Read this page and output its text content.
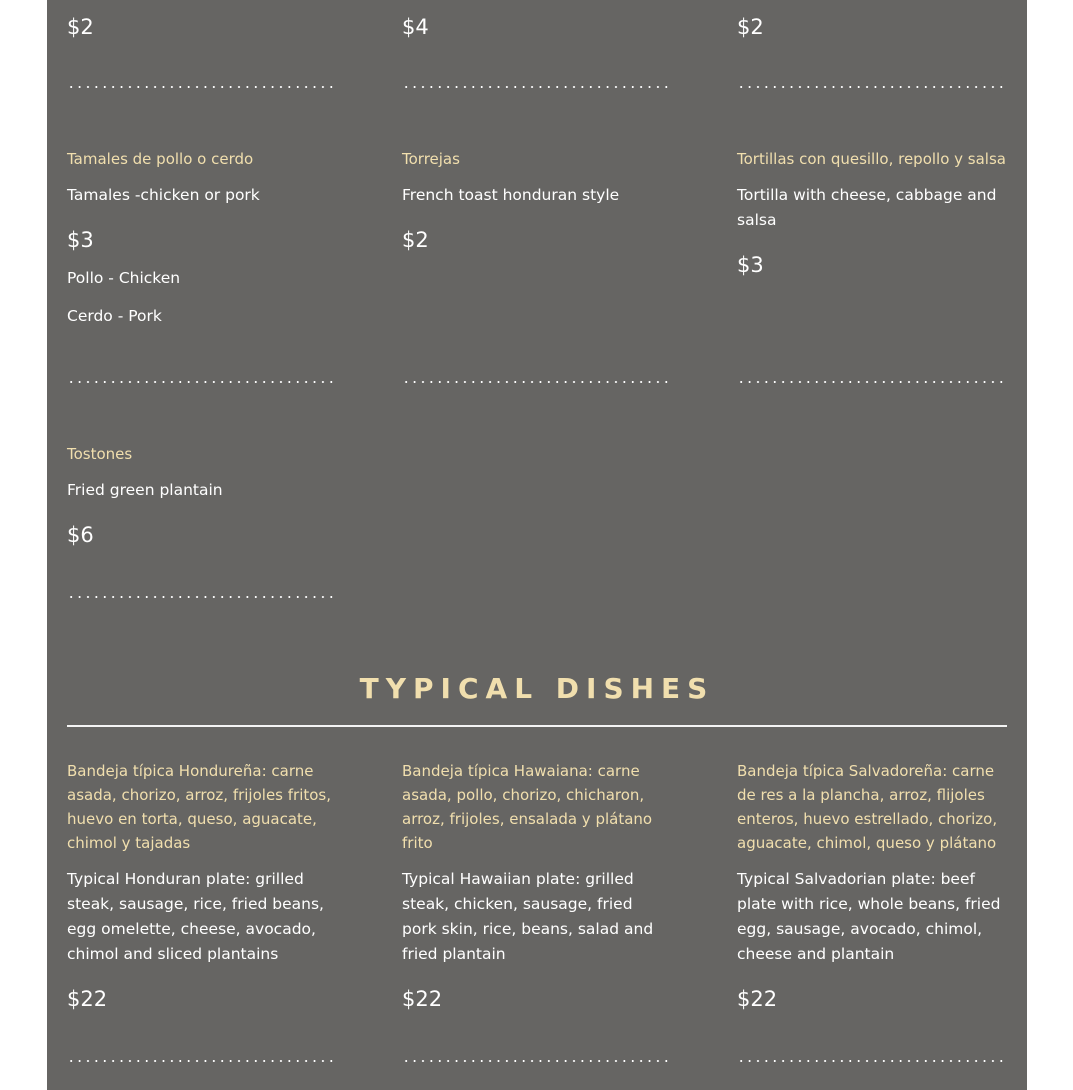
$2	$4	$2

Tamales de pollo o cerdo

Tamales -chicken or pork

$3

Pollo - Chicken

Cerdo - Pork

Torrejas

French toast honduran style

$2

Tortillas con quesillo, repollo y salsa

Tortilla with cheese, cabbage and salsa

$3

Tostones

Fried green plantain

$6

TYPICAL DISHES

Bandeja típica Hondureña: carne asada, chorizo, arroz, frijoles fritos, huevo en torta, queso, aguacate, chimol y tajadas

Typical Honduran plate: grilled steak, sausage, rice, fried beans, egg omelette, cheese, avocado, chimol and sliced plantains

$22

Bandeja típica Hawaiana: carne asada, pollo, chorizo, chicharon, arroz, frijoles, ensalada y plátano frito

Typical Hawaiian plate: grilled steak, chicken, sausage, fried pork skin, rice, beans, salad and fried plantain

$22

Bandeja típica Salvadoreña: carne de res a la plancha, arroz, flijoles enteros, huevo estrellado, chorizo, aguacate, chimol, queso y plátano

Typical Salvadorian plate: beef plate with rice, whole beans, fried egg, sausage, avocado, chimol, cheese and plantain

$22
